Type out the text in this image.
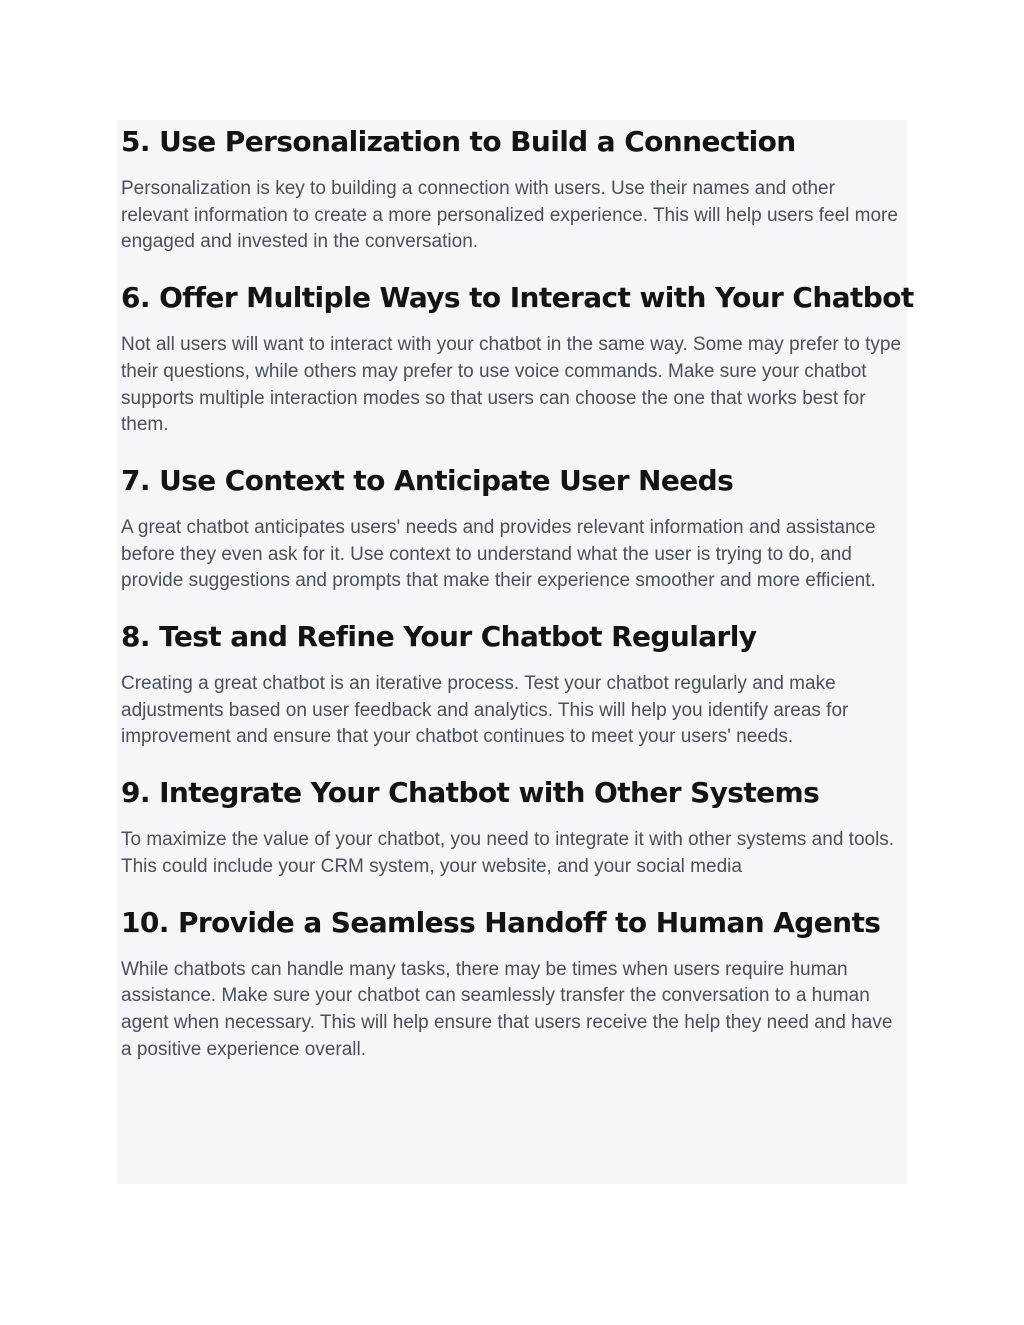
5. Use Personalization to Build a Connection

Personalization is key to building a connection with users. Use their names and other relevant information to create a more personalized experience. This will help users feel more engaged and invested in the conversation.

6. Offer Multiple Ways to Interact with Your Chatbot

Not all users will want to interact with your chatbot in the same way. Some may prefer to type their questions, while others may prefer to use voice commands. Make sure your chatbot supports multiple interaction modes so that users can choose the one that works best for them.

7. Use Context to Anticipate User Needs

A great chatbot anticipates users' needs and provides relevant information and assistance before they even ask for it. Use context to understand what the user is trying to do, and provide suggestions and prompts that make their experience smoother and more efficient.

8. Test and Refine Your Chatbot Regularly

Creating a great chatbot is an iterative process. Test your chatbot regularly and make adjustments based on user feedback and analytics. This will help you identify areas for improvement and ensure that your chatbot continues to meet your users' needs.

9. Integrate Your Chatbot with Other Systems

To maximize the value of your chatbot, you need to integrate it with other systems and tools. This could include your CRM system, your website, and your social media

10. Provide a Seamless Handoff to Human Agents

While chatbots can handle many tasks, there may be times when users require human assistance. Make sure your chatbot can seamlessly transfer the conversation to a human agent when necessary. This will help ensure that users receive the help they need and have a positive experience overall.
